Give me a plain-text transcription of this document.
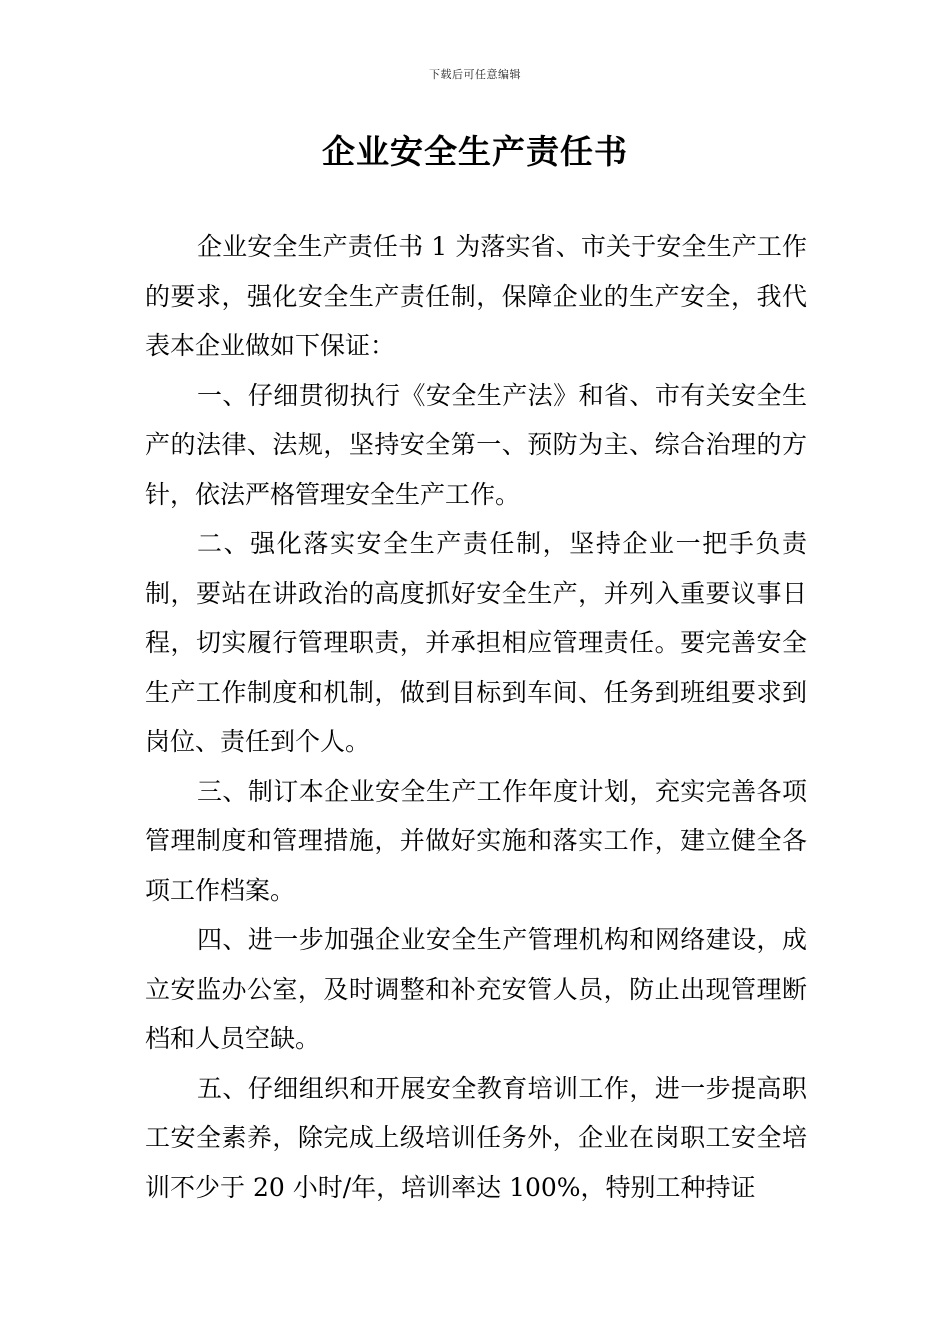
下载后可任意编辑
企业安全生产责任书

企业安全生产责任书 1 为落实省、市关于安全生产工作的要求，强化安全生产责任制，保障企业的生产安全，我代表本企业做如下保证：

一、仔细贯彻执行《安全生产法》和省、市有关安全生产的法律、法规，坚持安全第一、预防为主、综合治理的方针，依法严格管理安全生产工作。

二、强化落实安全生产责任制，坚持企业一把手负责制，要站在讲政治的高度抓好安全生产，并列入重要议事日程，切实履行管理职责，并承担相应管理责任。要完善安全生产工作制度和机制，做到目标到车间、任务到班组要求到岗位、责任到个人。

三、制订本企业安全生产工作年度计划，充实完善各项管理制度和管理措施，并做好实施和落实工作，建立健全各项工作档案。

四、进一步加强企业安全生产管理机构和网络建设，成立安监办公室，及时调整和补充安管人员，防止出现管理断档和人员空缺。

五、仔细组织和开展安全教育培训工作，进一步提高职工安全素养，除完成上级培训任务外，企业在岗职工安全培训不少于 20 小时/年，培训率达 100%，特别工种持证
